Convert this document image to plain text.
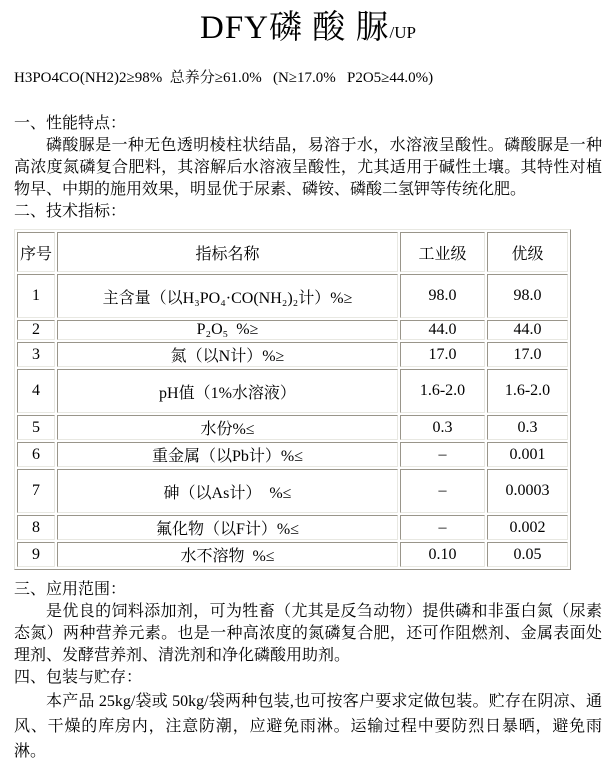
DFY磷 酸 脲/UP
H3PO4CO(NH2)2≥98%  总养分≥61.0%   (N≥17.0%   P2O5≥44.0%)
一、性能特点：

磷酸脲是一种无色透明棱柱状结晶，易溶于水，水溶液呈酸性。磷酸脲是一种高浓度氮磷复合肥料，其溶解后水溶液呈酸性，尤其适用于碱性土壤。其特性对植物早、中期的施用效果，明显优于尿素、磷铵、磷酸二氢钾等传统化肥。

二、技术指标：
序号	指标名称	工业级	优级
1	主含量（以H₃PO₄·CO(NH₂)₂计）%≥	98.0	98.0
2	P₂O₅  %≥	44.0	44.0
3	氮（以N计）%≥	17.0	17.0
4	pH值（1%水溶液）	1.6-2.0	1.6-2.0
5	水份%≤	0.3	0.3
6	重金属（以Pb计）%≤	–	0.001
7	砷（以As计）  %≤	–	0.0003
8	氟化物（以F计）%≤	–	0.002
9	水不溶物  %≤	0.10	0.05
三、应用范围：

是优良的饲料添加剂，可为牲畜（尤其是反刍动物）提供磷和非蛋白氮（尿素态氮）两种营养元素。也是一种高浓度的氮磷复合肥，还可作阻燃剂、金属表面处理剂、发酵营养剂、清洗剂和净化磷酸用助剂。

四、包装与贮存：

本产品 25kg/袋或 50kg/袋两种包装,也可按客户要求定做包装。贮存在阴凉、通风、干燥的库房内，注意防潮，应避免雨淋。运输过程中要防烈日暴晒，避免雨淋。
